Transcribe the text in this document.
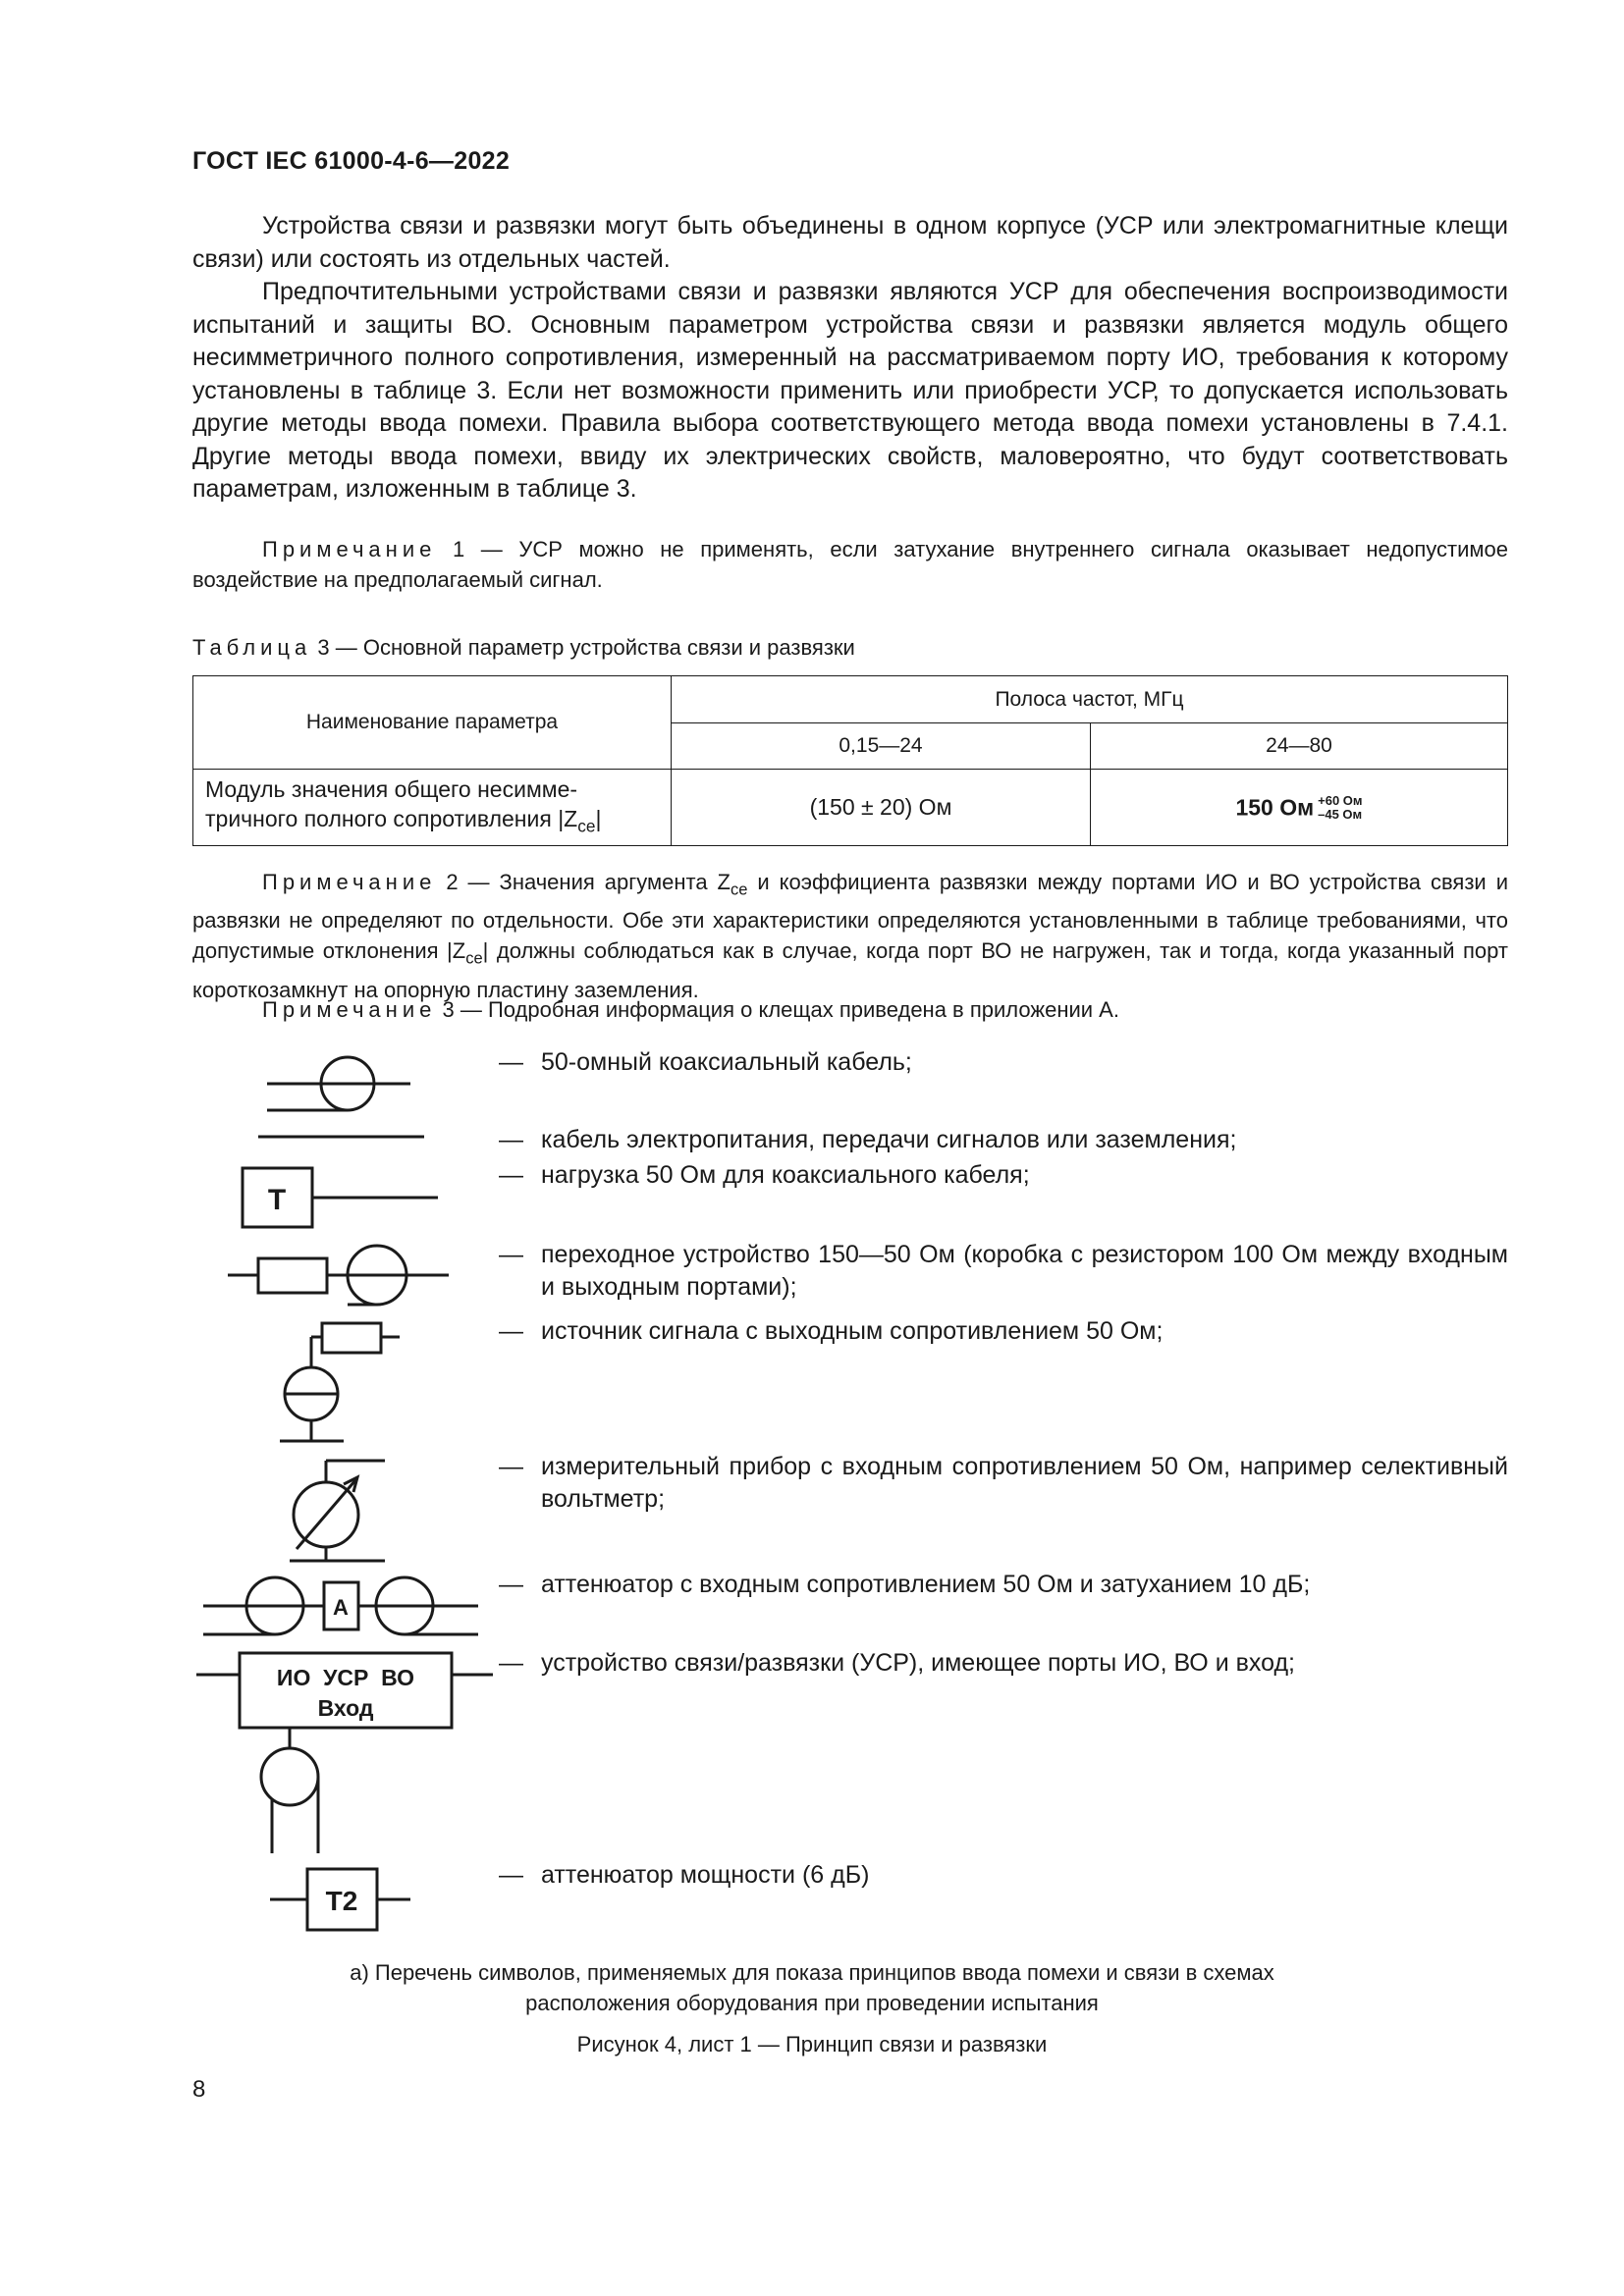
ГОСТ IEC 61000-4-6—2022

Устройства связи и развязки могут быть объединены в одном корпусе (УСР или электромагнитные клещи связи) или состоять из отдельных частей.

Предпочтительными устройствами связи и развязки являются УСР для обеспечения воспроизводимости испытаний и защиты ВО. Основным параметром устройства связи и развязки является модуль общего несимметричного полного сопротивления, измеренный на рассматриваемом порту ИО, требования к которому установлены в таблице 3. Если нет возможности применить или приобрести УСР, то допускается использовать другие методы ввода помехи. Правила выбора соответствующего метода ввода помехи установлены в 7.4.1. Другие методы ввода помехи, ввиду их электрических свойств, маловероятно, что будут соответствовать параметрам, изложенным в таблице 3.

Примечание 1 — УСР можно не применять, если затухание внутреннего сигнала оказывает недопустимое воздействие на предполагаемый сигнал.

Таблица 3 — Основной параметр устройства связи и развязки
Наименование параметра	Полоса частот, МГц	
	0,15—24	24—80
Модуль значения общего несимме-
тричного полного сопротивления $|Z_{ce}|$	(150 ± 20) Ом	150 Ом +60 Ом
–45 Ом

Примечание 2 — Значения аргумента $Z_{ce}$ и коэффициента развязки между портами ИО и ВО устройства связи и развязки не определяют по отдельности. Обе эти характеристики определяются установленными в таблице требованиями, что допустимые отклонения $|Z_{ce}|$ должны соблюдаться как в случае, когда порт ВО не нагружен, так и тогда, когда указанный порт короткозамкнут на опорную пластину заземления.

Примечание 3 — Подробная информация о клещах приведена в приложении А.

T
A
ИО  УСР  ВО
Вход
T2
— 50-омный коаксиальный кабель;
— кабель электропитания, передачи сигналов или заземления;
— нагрузка 50 Ом для коаксиального кабеля;
— переходное устройство 150—50 Ом (коробка с резистором 100 Ом между входным и выходным портами);
— источник сигнала с выходным сопротивлением 50 Ом;
— измерительный прибор с входным сопротивлением 50 Ом, например селективный вольтметр;
— аттенюатор с входным сопротивлением 50 Ом и затуханием 10 дБ;
— устройство связи/развязки (УСР), имеющее порты ИО, ВО и вход;
— аттенюатор мощности (6 дБ)
а) Перечень символов, применяемых для показа принципов ввода помехи и связи в схемах
расположения оборудования при проведении испытания
Рисунок 4, лист 1 — Принцип связи и развязки
8
